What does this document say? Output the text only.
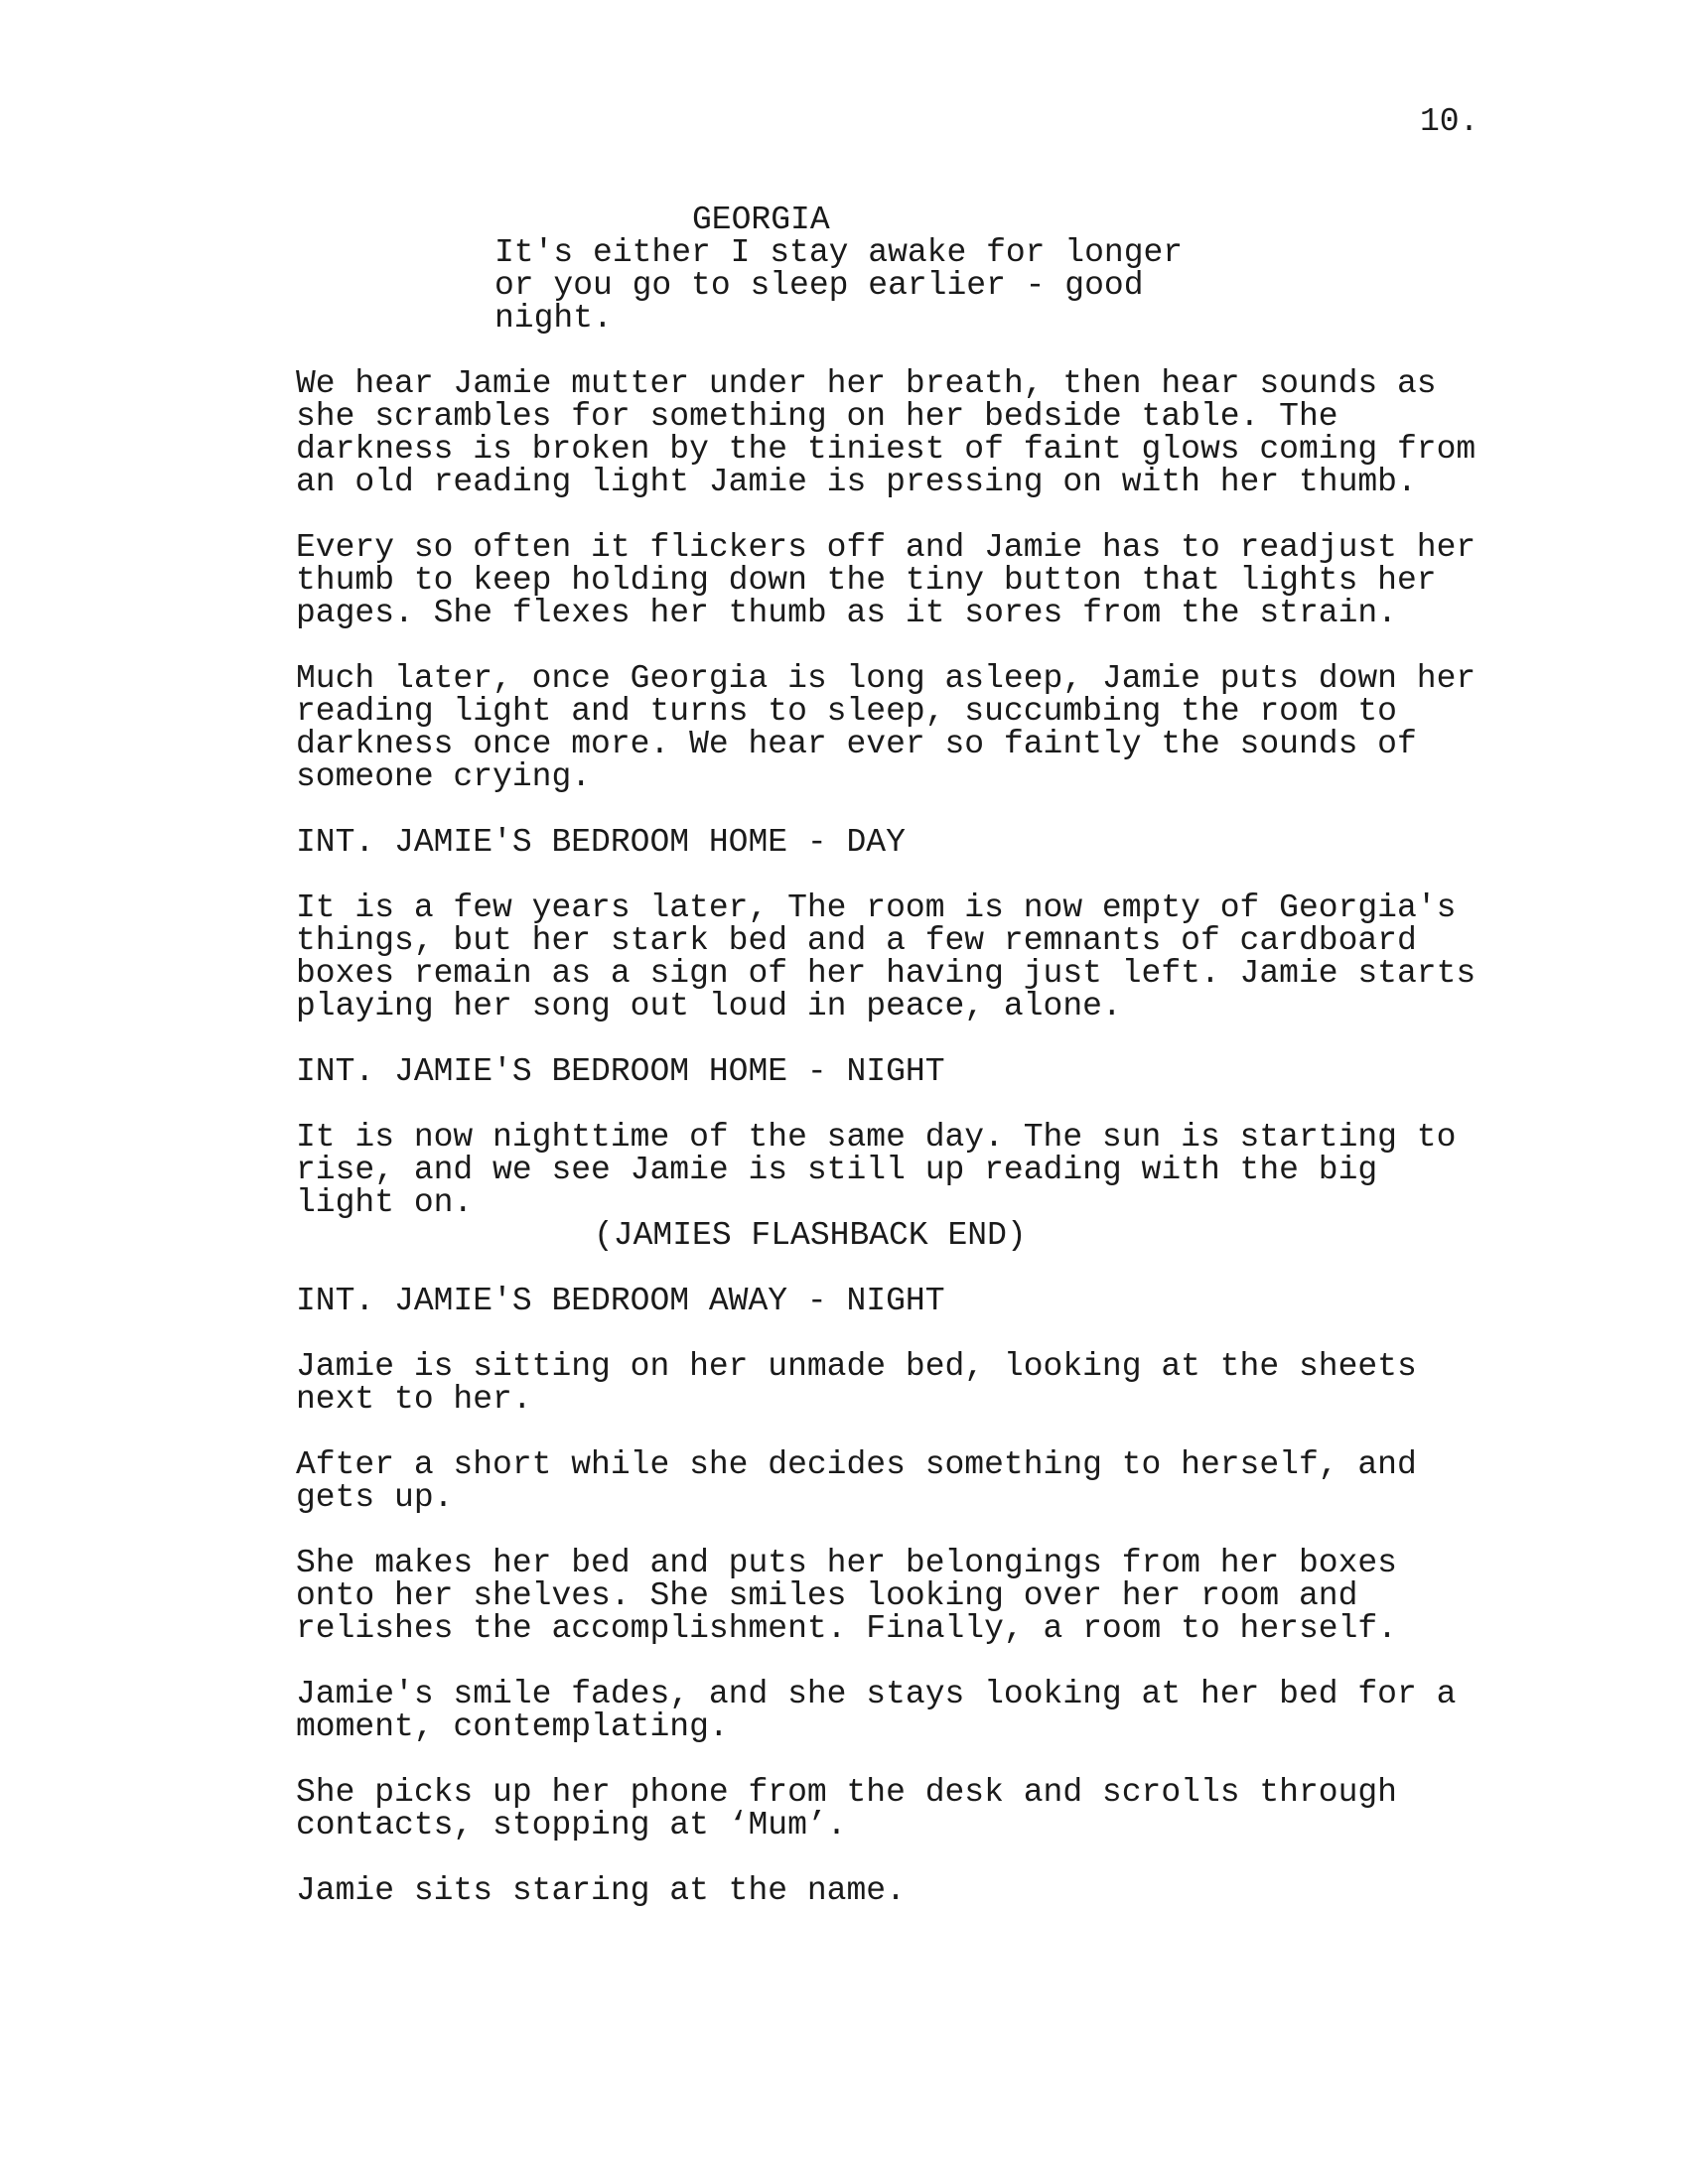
10.
GEORGIA
It's either I stay awake for longer
or you go to sleep earlier - good
night.
We hear Jamie mutter under her breath, then hear sounds as
she scrambles for something on her bedside table. The
darkness is broken by the tiniest of faint glows coming from
an old reading light Jamie is pressing on with her thumb.
Every so often it flickers off and Jamie has to readjust her
thumb to keep holding down the tiny button that lights her
pages. She flexes her thumb as it sores from the strain.
Much later, once Georgia is long asleep, Jamie puts down her
reading light and turns to sleep, succumbing the room to
darkness once more. We hear ever so faintly the sounds of
someone crying.
INT. JAMIE'S BEDROOM HOME - DAY
It is a few years later, The room is now empty of Georgia's
things, but her stark bed and a few remnants of cardboard
boxes remain as a sign of her having just left. Jamie starts
playing her song out loud in peace, alone.
INT. JAMIE'S BEDROOM HOME - NIGHT
It is now nighttime of the same day. The sun is starting to
rise, and we see Jamie is still up reading with the big
light on.
(JAMIES FLASHBACK END)
INT. JAMIE'S BEDROOM AWAY - NIGHT
Jamie is sitting on her unmade bed, looking at the sheets
next to her.
After a short while she decides something to herself, and
gets up.
She makes her bed and puts her belongings from her boxes
onto her shelves. She smiles looking over her room and
relishes the accomplishment. Finally, a room to herself.
Jamie's smile fades, and she stays looking at her bed for a
moment, contemplating.
She picks up her phone from the desk and scrolls through
contacts, stopping at ‘Mum’.
Jamie sits staring at the name.
